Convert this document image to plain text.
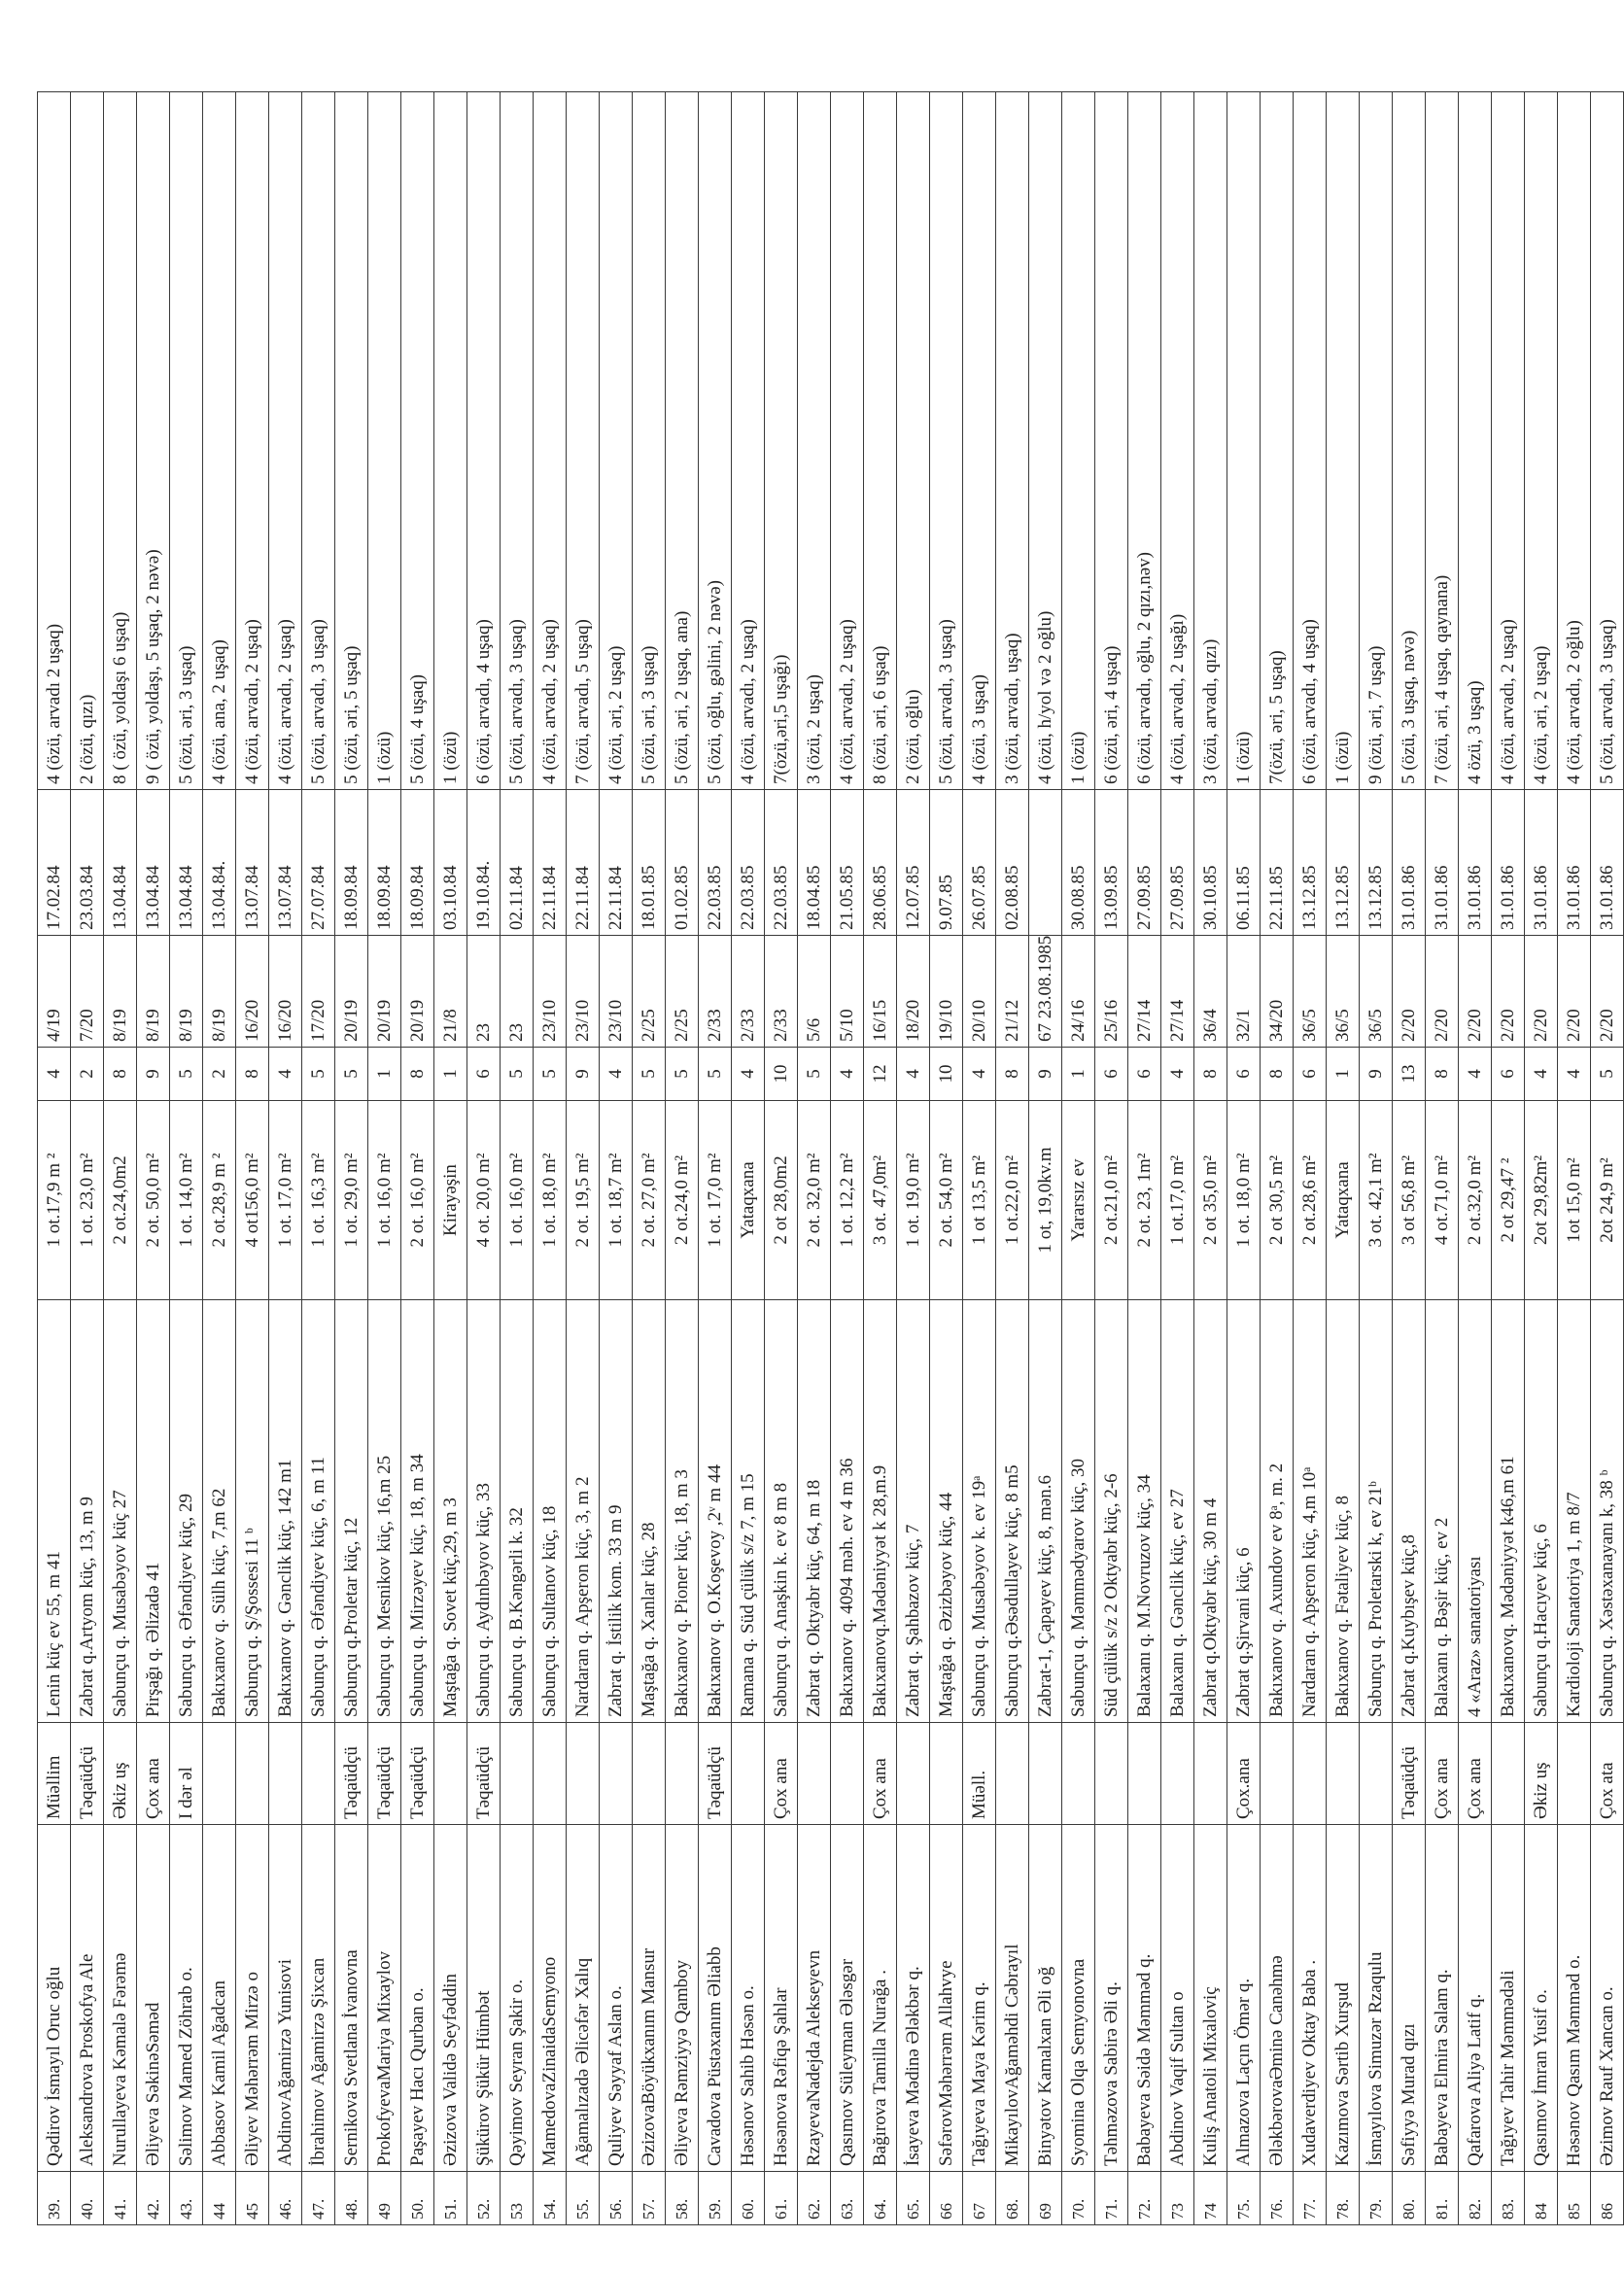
39.	Qədirov İsmayıl Oruc oğlu	Müəllim	Lenin küç ev 55, m 41	1 ot.17,9 m ²	4	4/19	17.02.84	4 (özü, arvadı 2 uşaq)
40.	Aleksandrova Proskofya Ale	Təqaüdçü	Zabrat q.Artyom küç, 13, m 9	1 ot. 23,0 m²	2	7/20	23.03.84	2 (özü, qızı)
41.	Nurullayeva Kəmalə Fərəmə	Əkiz uş	Sabunçu q. Musabəyov küç 27	2 ot.24,0m2	8	8/19	13.04.84	8 ( özü, yoldaşı 6 uşaq)
42.	Əliyeva SəkinəSəməd	Çox ana	Pirşağı q. Əlizadə 41	2 ot. 50,0 m²	9	8/19	13.04.84	9 ( özü, yoldaşı, 5 uşaq, 2 nəvə)
43.	Səlimov Mamed Zöhrab o.	I dər əl	Sabunçu q. Əfəndiyev küç, 29	1 ot. 14,0 m²	5	8/19	13.04.84	5 (özü, əri, 3 uşaq)
44	Abbasov Kamil Ağadcan		Bakıxanov q. Sülh küç, 7,m 62	2 ot.28,9 m ²	2	8/19	13.04.84.	4 (özü, ana, 2 uşaq)
45	Əliyev Məhərrəm Mirzə o		Sabunçu q. Ş/Şossesi 11 ᵇ	4 ot156,0 m²	8	16/20	13.07.84	4 (özü, arvadı, 2 uşaq)
46.	AbdinovAğamirzə Yunisovi		Bakıxanov q. Gənclik küç, 142 m1	1 ot. 17,0 m²	4	16/20	13.07.84	4 (özü, arvadı, 2 uşaq)
47.	İbrahimov Ağamirzə Şixcan		Sabunçu q. Əfəndiyev küç, 6, m 11	1 ot. 16,3 m²	5	17/20	27.07.84	5 (özü, arvadı, 3 uşaq)
48.	Sernikova Svetlana İvanovna	Təqaüdçü	Sabunçu q.Proletar küç, 12	1 ot. 29,0 m²	5	20/19	18.09.84	5 (özü, əri, 5 uşaq)
49	ProkofyevaMariya Mixaylov	Təqaüdçü	Sabunçu q. Mesnikov küç, 16,m 25	1 ot. 16,0 m²	1	20/19	18.09.84	1 (özü)
50.	Paşayev Hacı Qurban o.	Təqaüdçü	Sabunçu q. Mirzəyev küç, 18, m 34	2 ot. 16,0 m²	8	20/19	18.09.84	5 (özü, 4 uşaq)
51.	Əzizova Validə Seyfəddin		Maştağa q. Sovet küç,29, m 3	Kirayəşin	1	21/8	03.10.84	1 (özü)
52.	Şükürov Şükür Hümbət	Təqaüdçü	Sabunçu q. Aydınbəyov küç, 33	4 ot. 20,0 m²	6	23	19.10.84.	6 (özü, arvadı, 4 uşaq)
53	Qəyimov Seyran Şakir o.		Sabunçu q. B.Kəngərli k. 32	1 ot. 16,0 m²	5	23	02.11.84	5 (özü, arvadı, 3 uşaq)
54.	MamedovaZinaidaSemyono		Sabunçu q. Sultanov küç, 18	1 ot. 18,0 m²	5	23/10	22.11.84	4 (özü, arvadı, 2 uşaq)
55.	Ağamalızadə Əlicəfər Xalıq		Nardaran q. Apşeron küç, 3, m 2	2 ot. 19,5 m²	9	23/10	22.11.84	7 (özü, arvadı, 5 uşaq)
56.	Quliyev Səyyaf Aslan o.		Zabrat q. İstilik kom. 33 m 9	1 ot. 18,7 m²	4	23/10	22.11.84	4 (özü, əri, 2 uşaq)
57.	ƏzizovaBöyükxanım Mansur		Maştağa q. Xanlar küç, 28	2 ot. 27,0 m²	5	2/25	18.01.85	5 (özü, əri, 3 uşaq)
58.	Əliyeva Rəmziyyə Qamboy		Bakıxanov q. Pioner küç, 18, m 3	2 ot.24,0 m²	5	2/25	01.02.85	5 (özü, əri, 2 uşaq, ana)
59.	Cavadova Püstəxanım Əliabb	Təqaüdçü	Bakıxanov q. O.Koşevoy ,2ᵛ m 44	1 ot. 17,0 m²	5	2/33	22.03.85	5 (özü, oğlu, gəlini, 2 nəvə)
60.	Həsənov Sahib Həsən o.		Ramana q. Süd çülük s/z 7, m 15	Yataqxana	4	2/33	22.03.85	4 (özü, arvadı, 2 uşaq)
61.	Həsənova Rəfiqə Şahlar	Çox ana	Sabunçu q. Anaşkin k. ev 8 m 8	2 ot 28,0m2	10	2/33	22.03.85	7(özü,əri,5 uşağı)
62.	RzayevaNadejda Alekseyevn		Zabrat q. Oktyabr küç, 64, m 18	2 ot. 32,0 m²	5	5/6	18.04.85	3 (özü, 2 uşaq)
63.	Qasımov Süleyman Ələsgər		Bakıxanov q. 4094 məh. ev 4 m 36	1 ot. 12,2 m²	4	5/10	21.05.85	4 (özü, arvadı, 2 uşaq)
64.	Bağırova Tamilla Nurağa .	Çox ana	Bakıxanovq.Mədəniyyət k 28,m.9	3 ot. 47,0m²	12	16/15	28.06.85	8 (özü, əri, 6 uşaq)
65.	İsayeva Mədinə Ələkbər q.		Zabrat q. Şahbazov küç, 7	1 ot. 19,0 m²	4	18/20	12.07.85	2 (özü, oğlu)
66	SəfərovMəhərrəm Allahvye		Maştağa q. Əzizbəyov küç, 44	2 ot. 54,0 m²	10	19/10	9.07.85	5 (özü, arvadı, 3 uşaq)
67	Tağıyeva Maya Kərim q.	Müəll.	Sabunçu q. Musabəyov k. ev 19ᵃ	1 ot 13,5 m²	4	20/10	26.07.85	4 (özü, 3 uşaq)
68.	MikayılovAğaməhdi Cəbrayıl		Sabunçu q.Əsədullayev küç, 8 m5	1 ot.22,0 m²	8	21/12	02.08.85	3 (özü, arvadı, uşaq)
69	Binyətov Kamalxan Əli oğ		Zabrat-1, Çapayev küç, 8, mən.6	1 ot, 19,0kv.m	9	67 23.08.1985		4 (özü, h/yol və 2 oğlu)
70.	Syomina Olqa Semyonovna		Sabunçu q. Məmmədyarov küç, 30	Yararsız ev	1	24/16	30.08.85	1 (özü)
71.	Təhməzova Sabirə Əli q.		Süd çülük s/z 2 Oktyabr küç, 2-6	2 ot.21,0 m²	6	25/16	13.09.85	6 (özü, əri, 4 uşaq)
72.	Babayeva Səidə Məmməd q.		Balaxanı q. M.Novruzov küç, 34	2 ot. 23, 1m²	6	27/14	27.09.85	6 (özü, arvadı, oğlu, 2 qızı,nəv)
73	Abdinov Vaqif Sultan o		Balaxanı q. Gənclik küç, ev 27	1 ot.17,0 m²	4	27/14	27.09.85	4 (özü, arvadı, 2 uşağı)
74	Kuliş Anatoli Mixaloviç		Zabrat q.Oktyabr küç, 30 m 4	2 ot 35,0 m²	8	36/4	30.10.85	3 (özü, arvadı, qızı)
75.	Almazova Laçın Ömər q.	Çox.ana	Zabrat q.Şirvani küç, 6	1 ot. 18,0 m²	6	32/1	06.11.85	1 (özü)
76.	ƏləkbərovaƏminə Canəhmə		Bakıxanov q. Axundov ev 8ᵃ, m. 2	2 ot 30,5 m²	8	34/20	22.11.85	7(özü, əri, 5 uşaq)
77.	Xudaverdiyev Oktay Baba .		Nardaran q. Apşeron küç, 4,m 10ᵃ	2 ot.28,6 m²	6	36/5	13.12.85	6 (özü, arvadı, 4 uşaq)
78.	Kazımova Sərtib Xurşud		Bakıxanov q. Fətaliyev küç, 8	Yataqxana	1	36/5	13.12.85	1 (özü)
79.	İsmayılova Simuzər Rzaqulu		Sabunçu q. Proletarski k, ev 21ᵇ	3 ot. 42,1 m²	9	36/5	13.12.85	9 (özü, əri, 7 uşaq)
80.	Səfiyyə Murad qızı	Təqaüdçü	Zabrat q.Kuybışev küç,8	3 ot 56,8 m²	13	2/20	31.01.86	5 (özü, 3 uşaq, nəvə)
81.	Babayeva Elmira Salam q.	Çox ana	Balaxanı q. Bəşir küç, ev 2	4 ot.71,0 m²	8	2/20	31.01.86	7 (özü, əri, 4 uşaq, qaynana)
82.	Qafarova Aliyə Latif q.	Çox ana	4 «Araz» sanatoriyası	2 ot.32,0 m²	4	2/20	31.01.86	4 özü, 3 uşaq)
83.	Tağıyev Tahir Məmmədəli		Bakıxanovq. Mədəniyyət k46,m 61	2 ot 29,47 ²	6	2/20	31.01.86	4 (özü, arvadı, 2 uşaq)
84	Qasımov İmran Yusif o.	Əkiz uş	Sabunçu q.Hacıyev küç, 6	2ot 29,82m²	4	2/20	31.01.86	4 (özü, əri, 2 uşaq)
85	Həsənov Qasım Məmməd o.		Kardioloji Sanatoriya 1, m 8/7	1ot 15,0 m²	4	2/20	31.01.86	4 (özü, arvadı, 2 oğlu)
86	Əzimov Rauf Xancan o.	Çox ata	Sabunçu q. Xəstəxanayanı k, 38 ᵇ	2ot 24,9 m²	5	2/20	31.01.86	5 (özü, arvadı, 3 uşaq)
